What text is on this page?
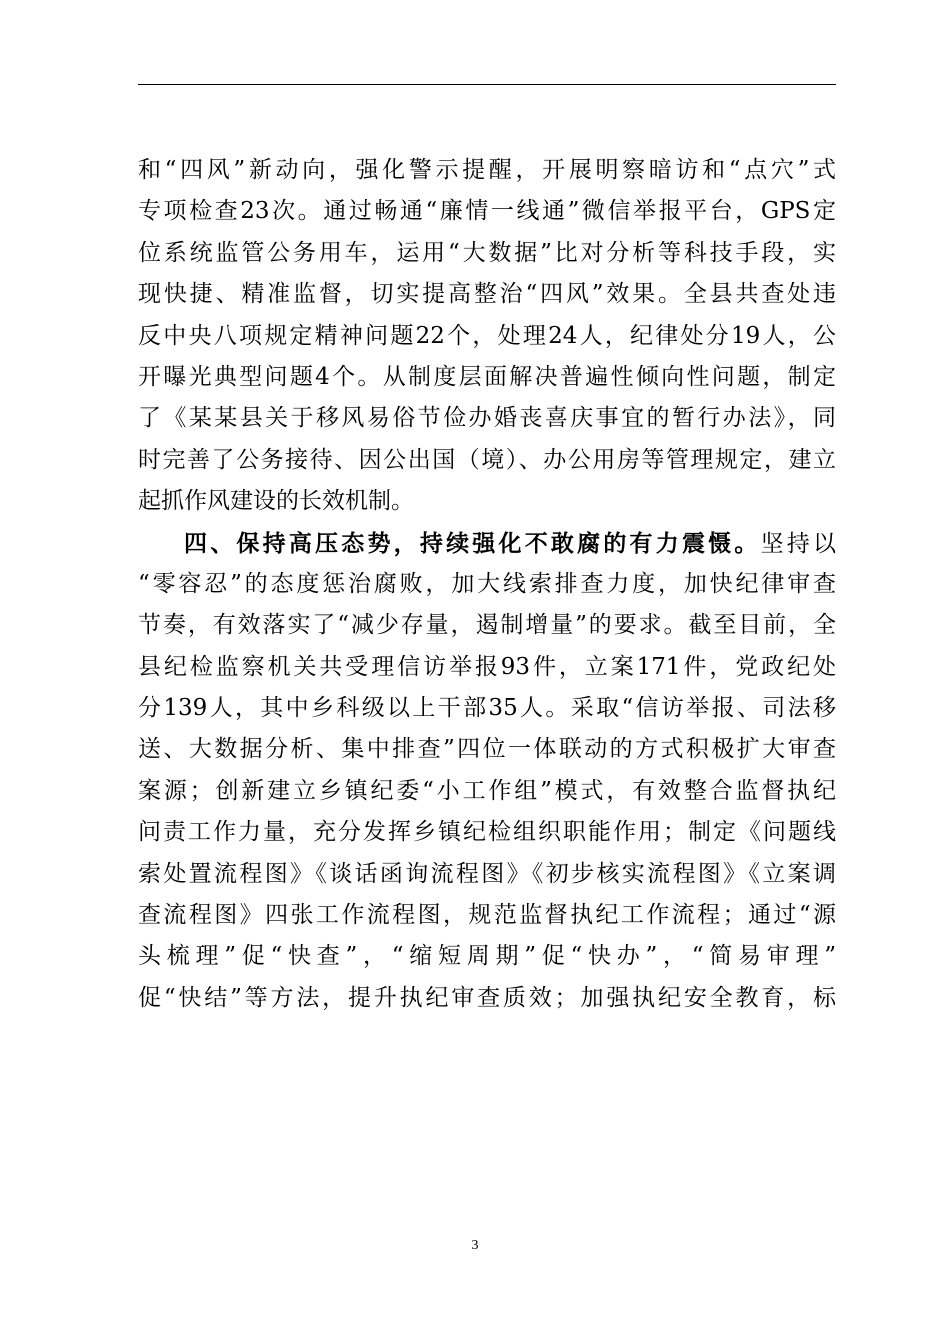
和“四风”新动向，强化警示提醒，开展明察暗访和“点穴”式
专项检查23次。通过畅通“廉情一线通”微信举报平台，GPS定
位系统监管公务用车，运用“大数据”比对分析等科技手段，实
现快捷、精准监督，切实提高整治“四风”效果。全县共查处违
反中央八项规定精神问题22个，处理24人，纪律处分19人，公
开曝光典型问题4个。从制度层面解决普遍性倾向性问题，制定
了《某某县关于移风易俗节俭办婚丧喜庆事宜的暂行办法》，同
时完善了公务接待、因公出国（境）、办公用房等管理规定，建立
起抓作风建设的长效机制。
四、保持高压态势，持续强化不敢腐的有力震慑。坚持以
“零容忍”的态度惩治腐败，加大线索排查力度，加快纪律审查
节奏，有效落实了“减少存量，遏制增量”的要求。截至目前，全
县纪检监察机关共受理信访举报93件，立案171件，党政纪处
分139人，其中乡科级以上干部35人。采取“信访举报、司法移
送、大数据分析、集中排查”四位一体联动的方式积极扩大审查
案源；创新建立乡镇纪委“小工作组”模式，有效整合监督执纪
问责工作力量，充分发挥乡镇纪检组织职能作用；制定《问题线
索处置流程图》《谈话函询流程图》《初步核实流程图》《立案调
查流程图》四张工作流程图，规范监督执纪工作流程；通过“源
头梳理”促“快查”，“缩短周期”促“快办”，“简易审理”
促“快结”等方法，提升执纪审查质效；加强执纪安全教育，标
3
